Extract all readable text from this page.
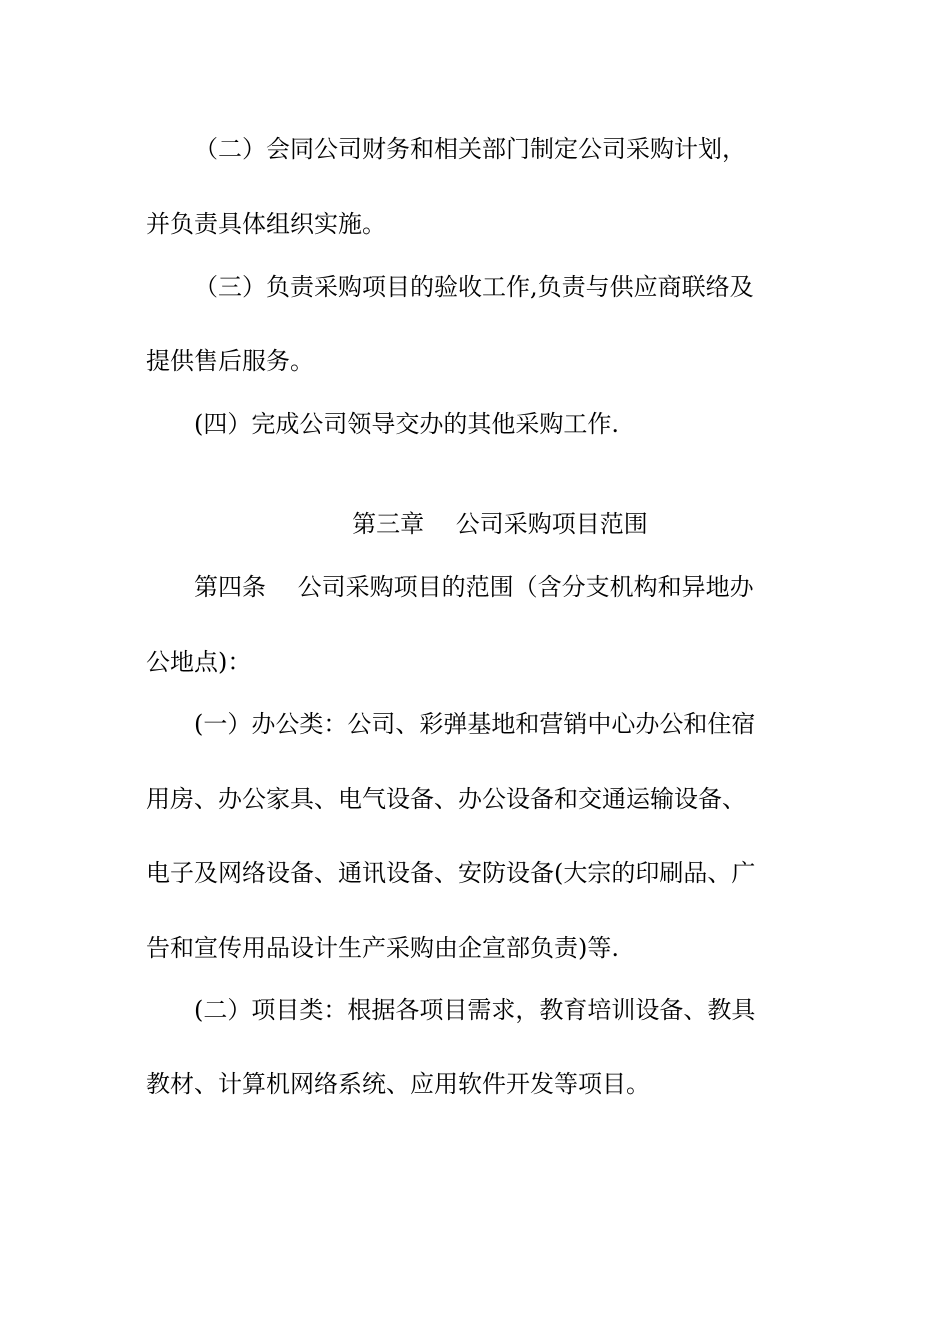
（二）会同公司财务和相关部门制定公司采购计划，

并负责具体组织实施。

（三）负责采购项目的验收工作,负责与供应商联络及

提供售后服务。

(四）完成公司领导交办的其他采购工作.

第三章　 公司采购项目范围

第四条　 公司采购项目的范围（含分支机构和异地办

公地点)：

(一）办公类：公司、彩弹基地和营销中心办公和住宿

用房、办公家具、电气设备、办公设备和交通运输设备、

电子及网络设备、通讯设备、安防设备(大宗的印刷品、广

告和宣传用品设计生产采购由企宣部负责)等.

(二）项目类：根据各项目需求，教育培训设备、教具

教材、计算机网络系统、应用软件开发等项目。
